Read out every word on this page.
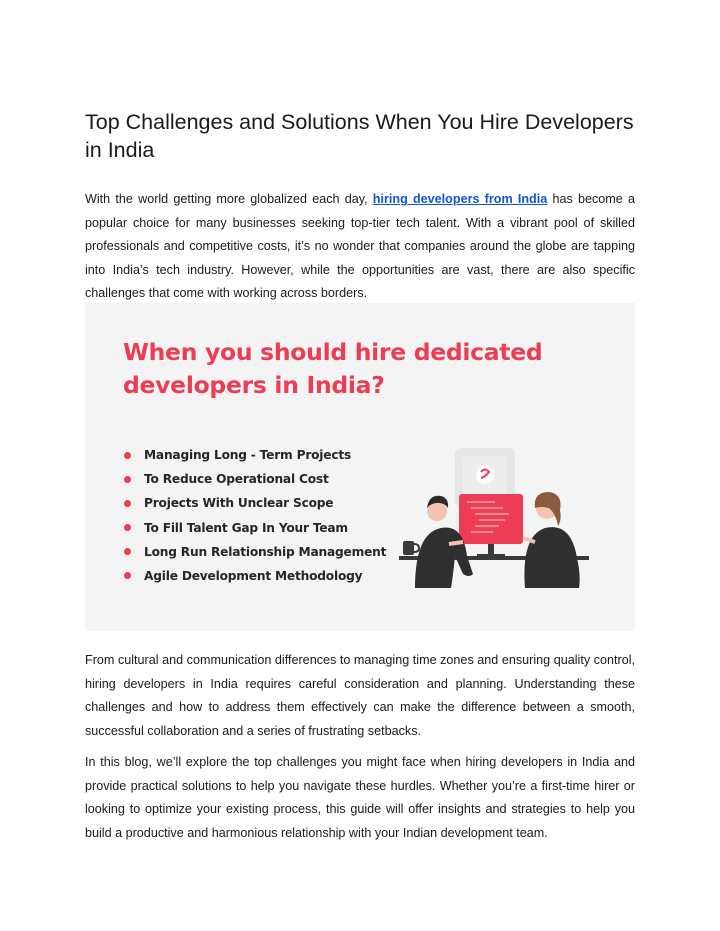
Top Challenges and Solutions When You Hire Developers in India

With the world getting more globalized each day, hiring developers from India has become a popular choice for many businesses seeking top-tier tech talent. With a vibrant pool of skilled professionals and competitive costs, it’s no wonder that companies around the globe are tapping into India’s tech industry. However, while the opportunities are vast, there are also specific challenges that come with working across borders.

When you should hire dedicated developers in India?
Managing Long - Term Projects
To Reduce Operational Cost
Projects With Unclear Scope
To Fill Talent Gap In Your Team
Long Run Relationship Management
Agile Development Methodology

From cultural and communication differences to managing time zones and ensuring quality control, hiring developers in India requires careful consideration and planning. Understanding these challenges and how to address them effectively can make the difference between a smooth, successful collaboration and a series of frustrating setbacks.

In this blog, we’ll explore the top challenges you might face when hiring developers in India and provide practical solutions to help you navigate these hurdles. Whether you’re a first-time hirer or looking to optimize your existing process, this guide will offer insights and strategies to help you build a productive and harmonious relationship with your Indian development team.
